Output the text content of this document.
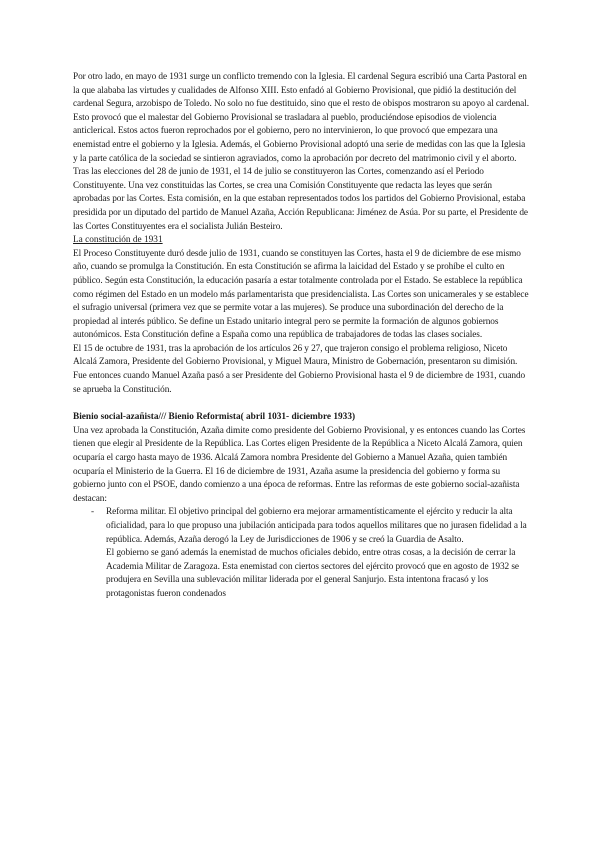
Por otro lado, en mayo de 1931 surge un conflicto tremendo con la Iglesia. El cardenal Segura escribió una Carta Pastoral en la que alababa las virtudes y cualidades de Alfonso XIII. Esto enfadó al Gobierno Provisional, que pidió la destitución del cardenal Segura, arzobispo de Toledo. No solo no fue destituido, sino que el resto de obispos mostraron su apoyo al cardenal. Esto provocó que el malestar del Gobierno Provisional se trasladara al pueblo, produciéndose episodios de violencia anticlerical. Estos actos fueron reprochados por el gobierno, pero no intervinieron, lo que provocó que empezara una enemistad entre el gobierno y la Iglesia. Además, el Gobierno Provisional adoptó una serie de medidas con las que la Iglesia y la parte católica de la sociedad se sintieron agraviados, como la aprobación por decreto del matrimonio civil y el aborto.

Tras las elecciones del 28 de junio de 1931, el 14 de julio se constituyeron las Cortes, comenzando así el Periodo Constituyente. Una vez constituidas las Cortes, se crea una Comisión Constituyente que redacta las leyes que serán aprobadas por las Cortes. Esta comisión, en la que estaban representados todos los partidos del Gobierno Provisional, estaba presidida por un diputado del partido de Manuel Azaña, Acción Republicana: Jiménez de Asúa. Por su parte, el Presidente de las Cortes Constituyentes era el socialista Julián Besteiro.

La constitución de 1931

El Proceso Constituyente duró desde julio de 1931, cuando se constituyen las Cortes, hasta el 9 de diciembre de ese mismo año, cuando se promulga la Constitución. En esta Constitución se afirma la laicidad del Estado y se prohíbe el culto en público. Según esta Constitución, la educación pasaría a estar totalmente controlada por el Estado. Se establece la república como régimen del Estado en un modelo más parlamentarista que presidencialista. Las Cortes son unicamerales y se establece el sufragio universal (primera vez que se permite votar a las mujeres). Se produce una subordinación del derecho de la propiedad al interés público. Se define un Estado unitario integral pero se permite la formación de algunos gobiernos autonómicos. Esta Constitución define a España como una república de trabajadores de todas las clases sociales.

El 15 de octubre de 1931, tras la aprobación de los artículos 26 y 27, que trajeron consigo el problema religioso, Niceto Alcalá Zamora, Presidente del Gobierno Provisional, y Miguel Maura, Ministro de Gobernación, presentaron su dimisión.

Fue entonces cuando Manuel Azaña pasó a ser Presidente del Gobierno Provisional hasta el 9 de diciembre de 1931, cuando se aprueba la Constitución.

Bienio social-azañista/// Bienio Reformista( abril 1031- diciembre 1933)

Una vez aprobada la Constitución, Azaña dimite como presidente del Gobierno Provisional, y es entonces cuando las Cortes tienen que elegir al Presidente de la República. Las Cortes eligen Presidente de la República a Niceto Alcalá Zamora, quien ocuparía el cargo hasta mayo de 1936. Alcalá Zamora nombra Presidente del Gobierno a Manuel Azaña, quien también ocuparía el Ministerio de la Guerra. El 16 de diciembre de 1931, Azaña asume la presidencia del gobierno y forma su gobierno junto con el PSOE, dando comienzo a una época de reformas. Entre las reformas de este gobierno social-azañista destacan:

- Reforma militar. El objetivo principal del gobierno era mejorar armamentísticamente el ejército y reducir la alta oficialidad, para lo que propuso una jubilación anticipada para todos aquellos militares que no jurasen fidelidad a la república. Además, Azaña derogó la Ley de Jurisdicciones de 1906 y se creó la Guardia de Asalto.

El gobierno se ganó además la enemistad de muchos oficiales debido, entre otras cosas, a la decisión de cerrar la Academia Militar de Zaragoza. Esta enemistad con ciertos sectores del ejército provocó que en agosto de 1932 se produjera en Sevilla una sublevación militar liderada por el general Sanjurjo. Esta intentona fracasó y los protagonistas fueron condenados
